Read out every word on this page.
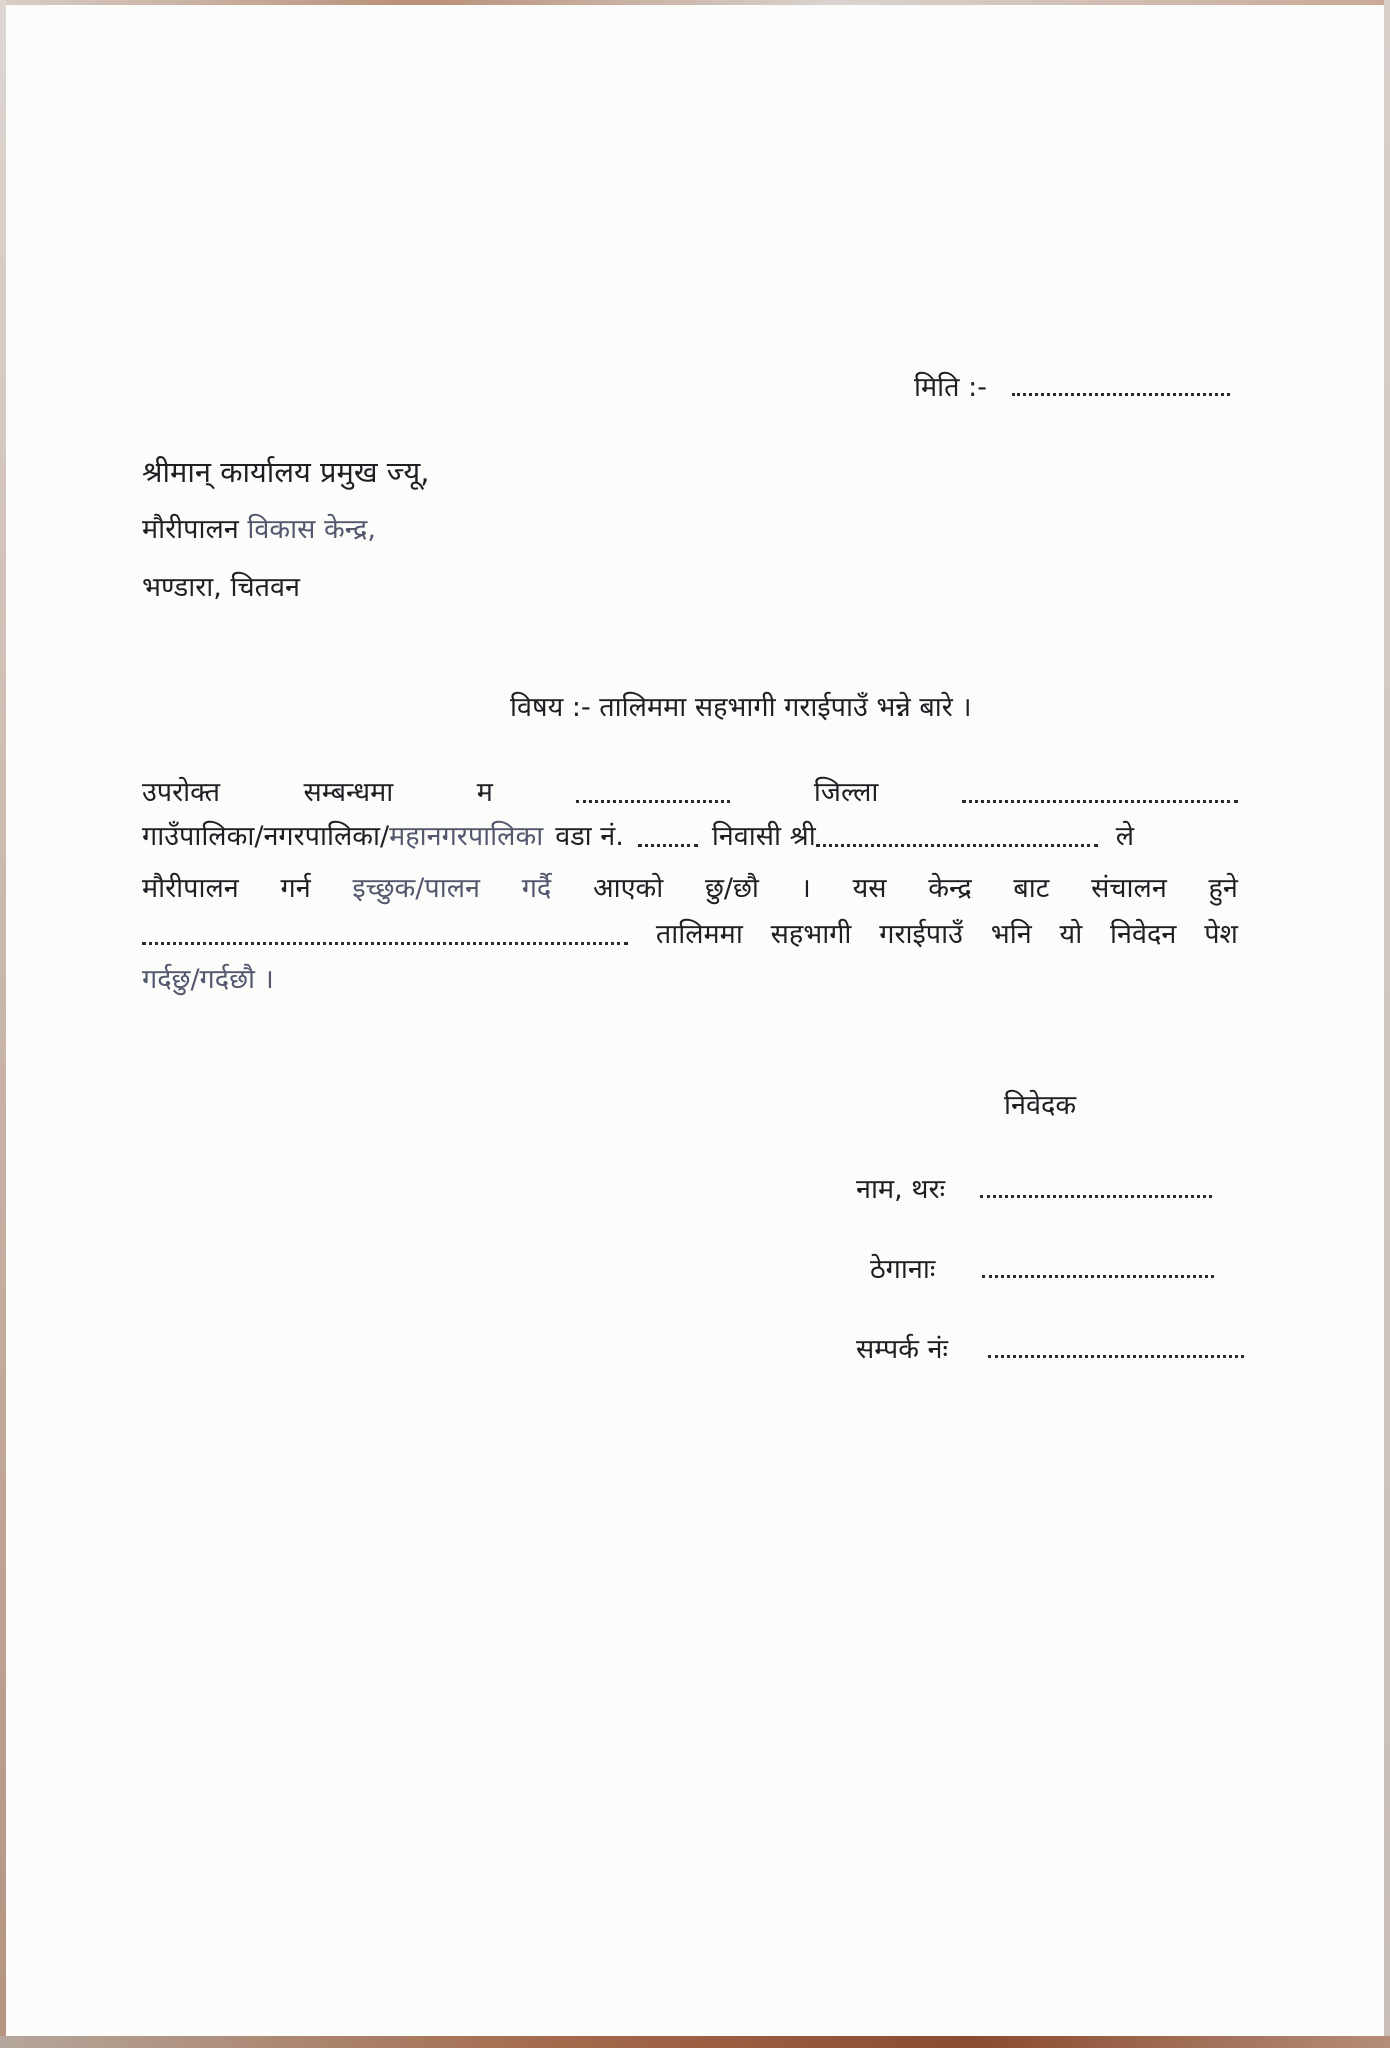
मिति :-
श्रीमान् कार्यालय प्रमुख ज्यू,
मौरीपालन विकास केन्द्र,
भण्डारा, चितवन
विषय :- तालिममा सहभागी गराईपाउँ भन्ने बारे ।
उपरोक्त	सम्बन्धमा	म	जिल्ला
गाउँपालिका/नगरपालिका/ महानगरपालिका वडा नं.	निवासी श्री	ले
मौरीपालन गर्न इच्छुक/पालन गर्दै आएको छु/छौ । यस केन्द्र बाट संचालन हुने
तालिममा सहभागी गराईपाउँ भनि यो निवेदन पेश
गर्दछु/गर्दछौ ।
निवेदक
नाम, थरः
ठेगानाः
सम्पर्क नंः
